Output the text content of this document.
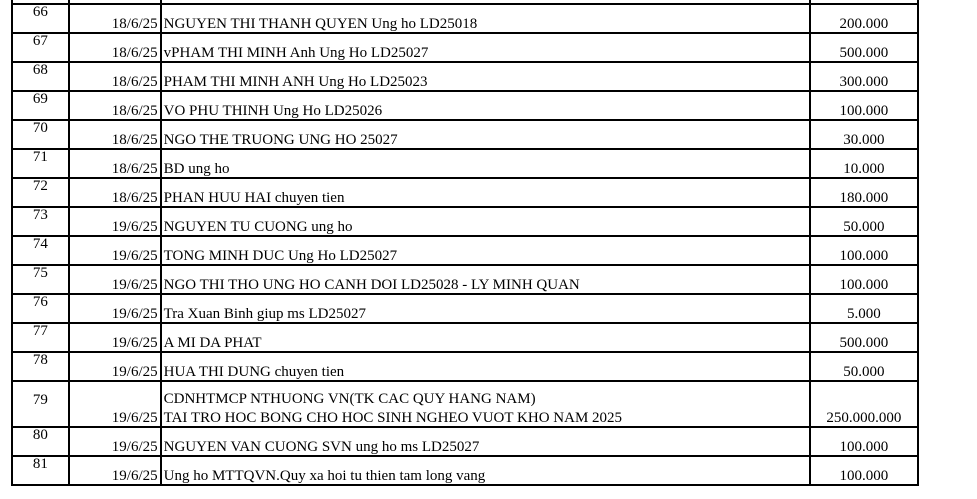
66	18/6/25	NGUYEN THI THANH QUYEN Ung ho LD25018	200.000
67	18/6/25	vPHAM THI MINH Anh Ung Ho LD25027	500.000
68	18/6/25	PHAM THI MINH ANH Ung Ho LD25023	300.000
69	18/6/25	VO PHU THINH Ung Ho LD25026	100.000
70	18/6/25	NGO THE TRUONG UNG HO 25027	30.000
71	18/6/25	BD ung ho	10.000
72	18/6/25	PHAN HUU HAI chuyen tien	180.000
73	19/6/25	NGUYEN TU CUONG ung ho	50.000
74	19/6/25	TONG MINH DUC Ung Ho LD25027	100.000
75	19/6/25	NGO THI THO UNG HO CANH DOI LD25028 - LY MINH QUAN	100.000
76	19/6/25	Tra Xuan Binh giup ms LD25027	5.000
77	19/6/25	A MI DA PHAT	500.000
78	19/6/25	HUA THI DUNG chuyen tien	50.000
79	19/6/25	CDNHTMCP NTHUONG VN(TK CAC QUY HANG NAM)
TAI TRO HOC BONG CHO HOC SINH NGHEO VUOT KHO NAM 2025	250.000.000
80	19/6/25	NGUYEN VAN CUONG SVN ung ho ms LD25027	100.000
81	19/6/25	Ung ho MTTQVN.Quy xa hoi tu thien tam long vang	100.000
